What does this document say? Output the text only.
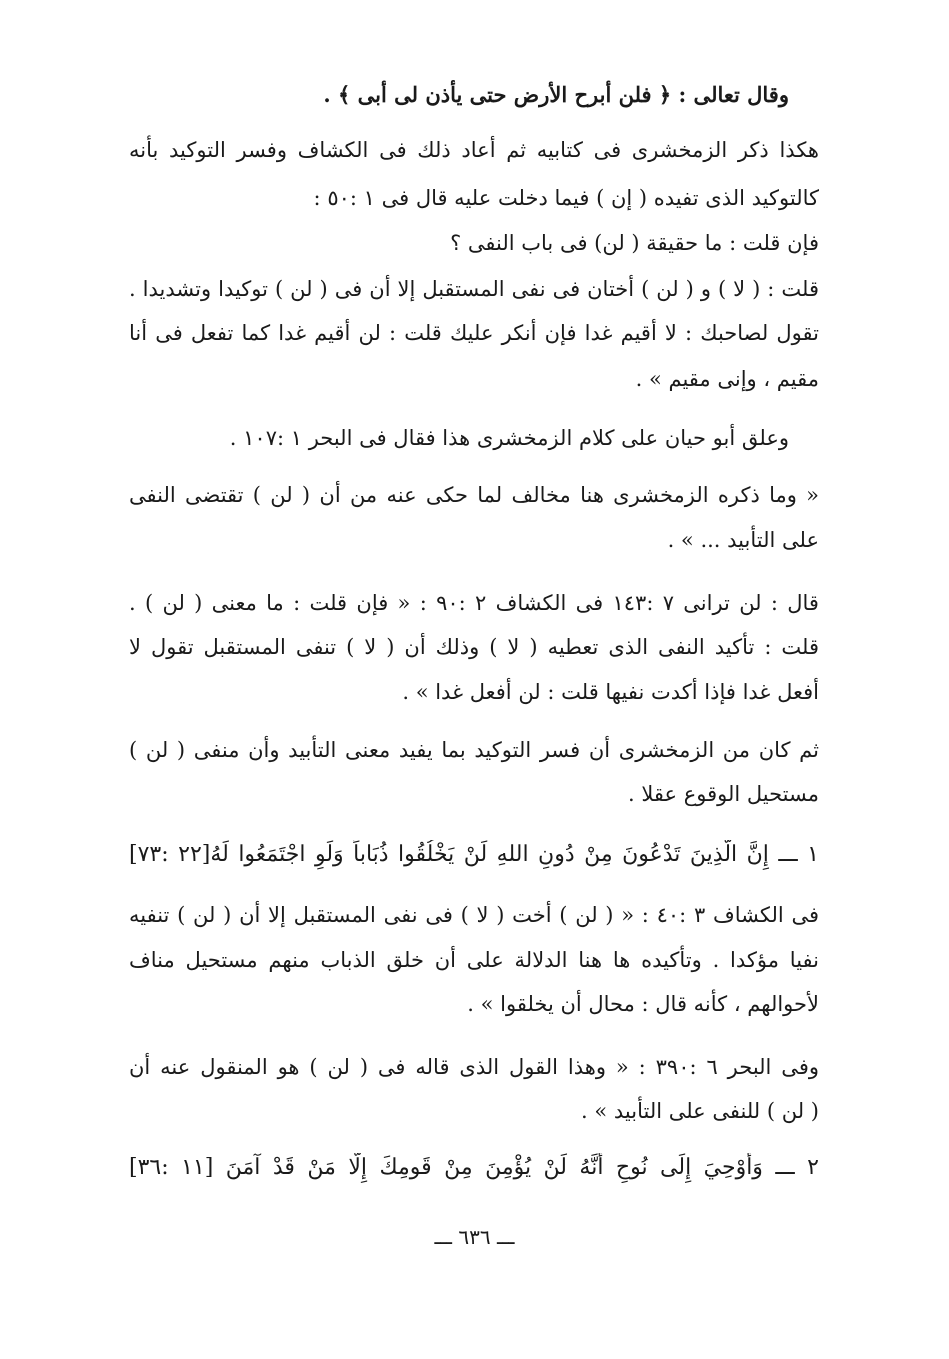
وقال تعالى : ﴿ فلن أبرح الأرض حتى يأذن لى أبى ﴾ .
هكذا ذكر الزمخشرى فى كتابيه ثم أعاد ذلك فى الكشاف وفسر التوكيد بأنه
كالتوكيد الذى تفيده ( إن ) فيما دخلت عليه قال فى ١ :٥٠ :
فإن قلت : ما حقيقة ( لن) فى باب النفى ؟
قلت : ( لا ) و ( لن ) أختان فى نفى المستقبل إلا أن فى ( لن ) توكيدا وتشديدا .
تقول لصاحبك : لا أقيم غدا فإن أنكر عليك قلت : لن أقيم غدا كما تفعل فى أنا
مقيم ، وإنى مقيم » .
وعلق أبو حيان على كلام الزمخشرى هذا فقال فى البحر ١ :١٠٧ .
« وما ذكره الزمخشرى هنا مخالف لما حكى عنه من أن ( لن ) تقتضى النفى
على التأبيد ... » .
قال : لن ترانى ٧ :١٤٣ فى الكشاف ٢ :٩٠ : « فإن قلت : ما معنى ( لن ) .
قلت : تأكيد النفى الذى تعطيه ( لا ) وذلك أن ( لا ) تنفى المستقبل تقول لا
أفعل غدا فإذا أكدت نفيها قلت : لن أفعل غدا » .
ثم كان من الزمخشرى أن فسر التوكيد بما يفيد معنى التأبيد وأن منفى ( لن )
مستحيل الوقوع عقلا .
١ ـــ إِنَّ الَّذِينَ تَدْعُونَ مِنْ دُونِ اللهِ لَنْ يَخْلُقُوا ذُبَاباً وَلَوِ اجْتَمَعُوا لَهُ[٢٢ :٧٣]
فى الكشاف ٣ :٤٠ : « ( لن ) أخت ( لا ) فى نفى المستقبل إلا أن ( لن ) تنفيه
نفيا مؤكدا . وتأكيده ها هنا الدلالة على أن خلق الذباب منهم مستحيل مناف
لأحوالهم ، كأنه قال : محال أن يخلقوا » .
وفى البحر ٦ :٣٩٠ : « وهذا القول الذى قاله فى ( لن ) هو المنقول عنه أن
( لن ) للنفى على التأبيد » .
٢ ـــ وَأُوْحِيَ إِلَى نُوحٍ أَنَّهُ لَنْ يُؤْمِنَ مِنْ قَومِكَ إِلَّا مَنْ قَدْ آمَنَ [١١ :٣٦]
ـــ ٦٣٦ ـــ
